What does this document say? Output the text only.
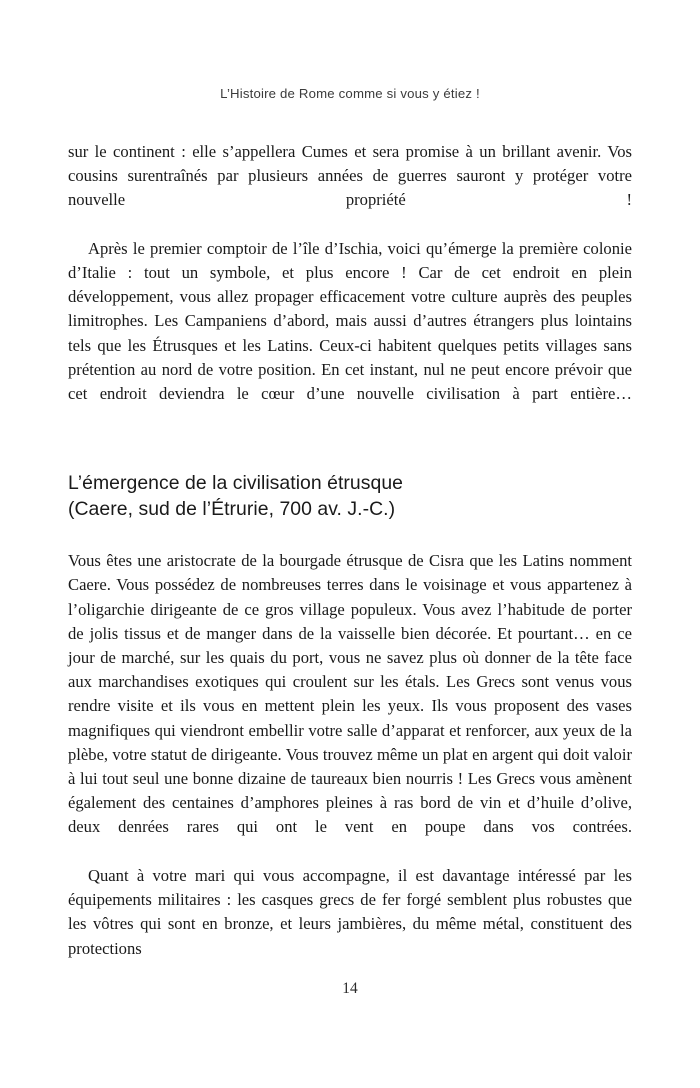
L’Histoire de Rome comme si vous y étiez !

sur le continent : elle s’appellera Cumes et sera promise à un brillant avenir. Vos cousins surentraînés par plusieurs années de guerres sauront y protéger votre nouvelle propriété !

Après le premier comptoir de l’île d’Ischia, voici qu’émerge la première colonie d’Italie : tout un symbole, et plus encore ! Car de cet endroit en plein développement, vous allez propager efficacement votre culture auprès des peuples limitrophes. Les Campaniens d’abord, mais aussi d’autres étrangers plus lointains tels que les Étrusques et les Latins. Ceux-ci habitent quelques petits villages sans prétention au nord de votre position. En cet instant, nul ne peut encore prévoir que cet endroit deviendra le cœur d’une nouvelle civilisation à part entière…

L’émergence de la civilisation étrusque
(Caere, sud de l’Étrurie, 700 av. J.-C.)

Vous êtes une aristocrate de la bourgade étrusque de Cisra que les Latins nomment Caere. Vous possédez de nombreuses terres dans le voisinage et vous appartenez à l’oligarchie dirigeante de ce gros village populeux. Vous avez l’habitude de porter de jolis tissus et de manger dans de la vaisselle bien décorée. Et pourtant… en ce jour de marché, sur les quais du port, vous ne savez plus où donner de la tête face aux marchandises exotiques qui croulent sur les étals. Les Grecs sont venus vous rendre visite et ils vous en mettent plein les yeux. Ils vous proposent des vases magnifiques qui viendront embellir votre salle d’apparat et renforcer, aux yeux de la plèbe, votre statut de dirigeante. Vous trouvez même un plat en argent qui doit valoir à lui tout seul une bonne dizaine de taureaux bien nourris ! Les Grecs vous amènent également des centaines d’amphores pleines à ras bord de vin et d’huile d’olive, deux denrées rares qui ont le vent en poupe dans vos contrées.

Quant à votre mari qui vous accompagne, il est davantage intéressé par les équipements militaires : les casques grecs de fer forgé semblent plus robustes que les vôtres qui sont en bronze, et leurs jambières, du même métal, constituent des protections

14
